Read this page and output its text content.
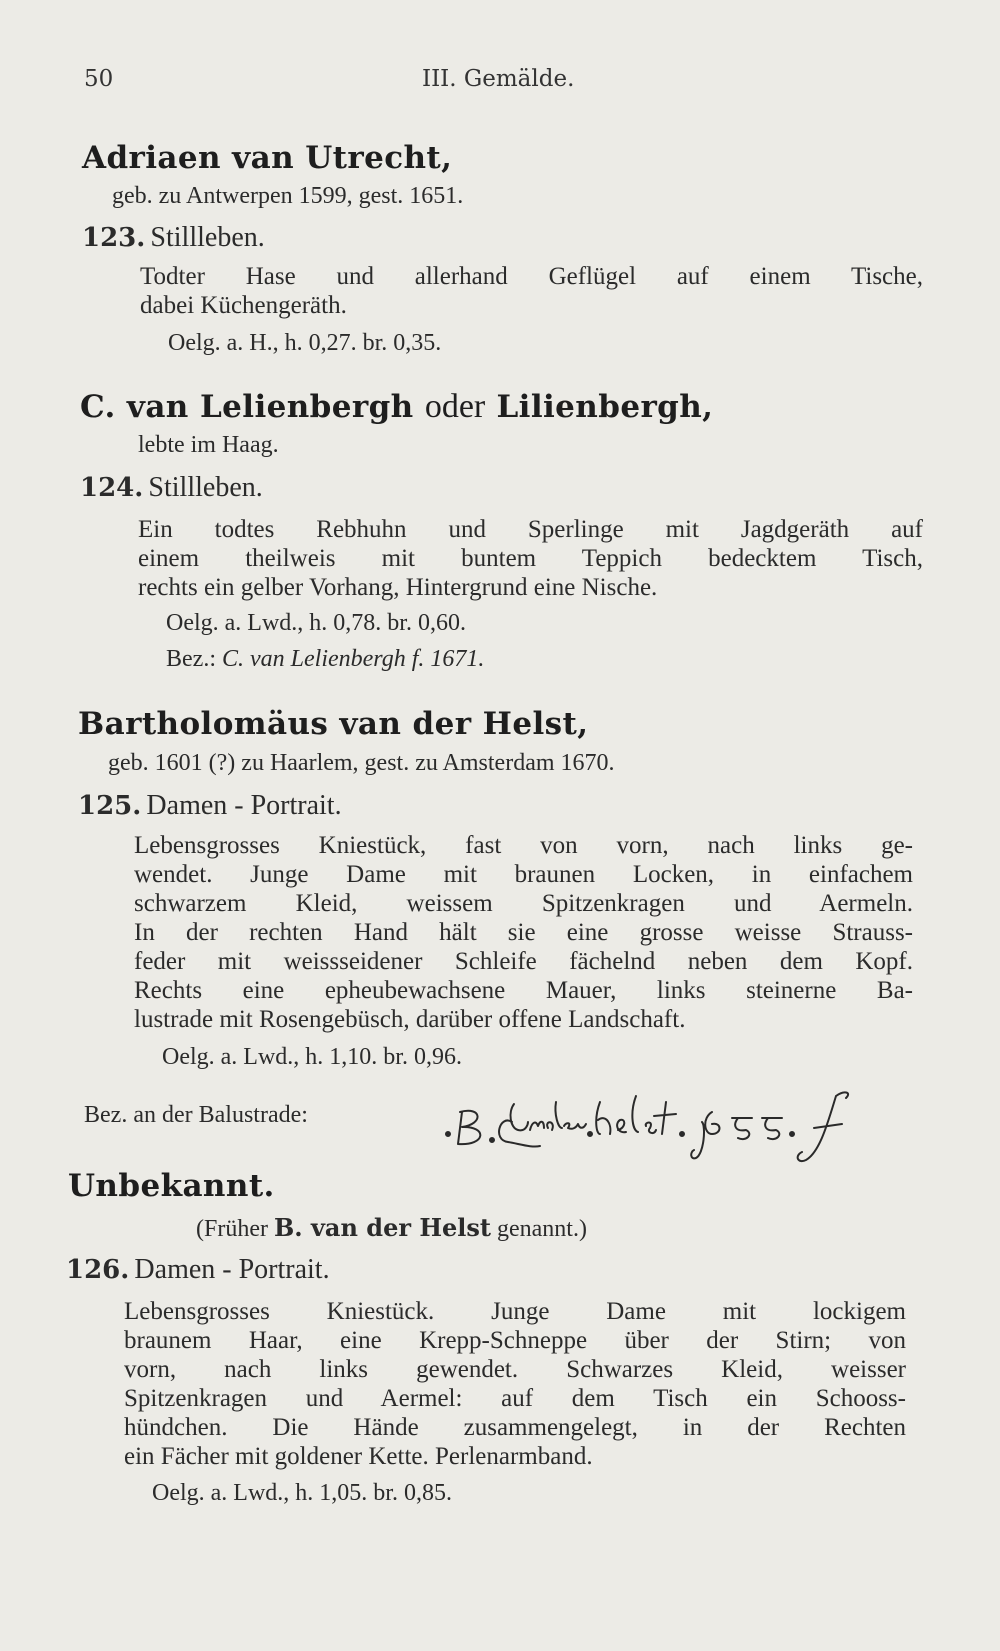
50	III. Gemälde.
Adriaen van Utrecht,
geb. zu Antwerpen 1599, gest. 1651.
123. Stillleben.
Todter Hase und allerhand Geflügel auf einem Tische,
dabei Küchengeräth.
Oelg. a. H., h. 0,27. br. 0,35.
C. van Lelienbergh oder Lilienbergh,
lebte im Haag.
124. Stillleben.
Ein todtes Rebhuhn und Sperlinge mit Jagdgeräth auf
einem theilweis mit buntem Teppich bedecktem Tisch,
rechts ein gelber Vorhang, Hintergrund eine Nische.
Oelg. a. Lwd., h. 0,78. br. 0,60.
Bez.: C. van Lelienbergh f. 1671.
Bartholomäus van der Helst,
geb. 1601 (?) zu Haarlem, gest. zu Amsterdam 1670.
125. Damen - Portrait.
Lebensgrosses Kniestück, fast von vorn, nach links ge-
wendet. Junge Dame mit braunen Locken, in einfachem
schwarzem Kleid, weissem Spitzenkragen und Aermeln.
In der rechten Hand hält sie eine grosse weisse Strauss-
feder mit weissseidener Schleife fächelnd neben dem Kopf.
Rechts eine epheubewachsene Mauer, links steinerne Ba-
lustrade mit Rosengebüsch, darüber offene Landschaft.
Oelg. a. Lwd., h. 1,10. br. 0,96.
Bez. an der Balustrade:
Unbekannt.
(Früher B. van der Helst genannt.)
126. Damen - Portrait.
Lebensgrosses Kniestück. Junge Dame mit lockigem
braunem Haar, eine Krepp-Schneppe über der Stirn; von
vorn, nach links gewendet. Schwarzes Kleid, weisser
Spitzenkragen und Aermel: auf dem Tisch ein Schooss-
hündchen. Die Hände zusammengelegt, in der Rechten
ein Fächer mit goldener Kette. Perlenarmband.
Oelg. a. Lwd., h. 1,05. br. 0,85.
